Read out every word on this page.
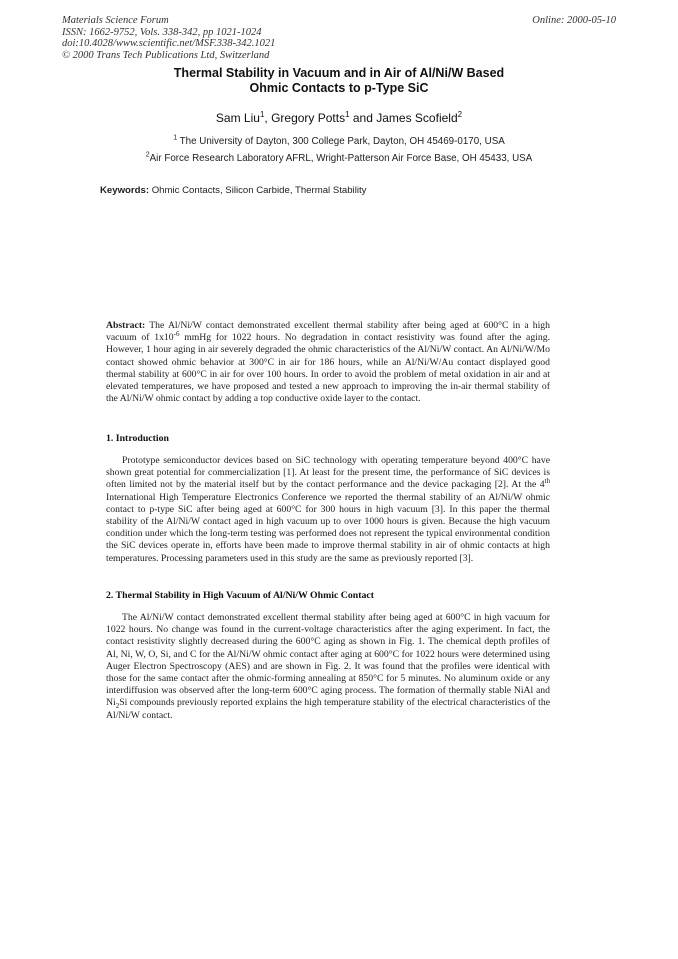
Materials Science Forum
ISSN: 1662-9752, Vols. 338-342, pp 1021-1024
doi:10.4028/www.scientific.net/MSF.338-342.1021
© 2000 Trans Tech Publications Ltd, Switzerland
Online: 2000-05-10
Thermal Stability in Vacuum and in Air of Al/Ni/W Based
Ohmic Contacts to p-Type SiC
Sam Liu$^1$, Gregory Potts$^1$ and James Scofield$^2$
$^1$ The University of Dayton, 300 College Park, Dayton, OH 45469-0170, USA
$^2$Air Force Research Laboratory AFRL, Wright-Patterson Air Force Base, OH 45433, USA
Keywords: Ohmic Contacts, Silicon Carbide, Thermal Stability
Abstract: The Al/Ni/W contact demonstrated excellent thermal stability after being aged at 600°C in a high vacuum of $1x10^{-6}$ mmHg for 1022 hours. No degradation in contact resistivity was found after the aging. However, 1 hour aging in air severely degraded the ohmic characteristics of the Al/Ni/W contact. An Al/Ni/W/Mo contact showed ohmic behavior at 300°C in air for 186 hours, while an Al/Ni/W/Au contact displayed good thermal stability at 600°C in air for over 100 hours. In order to avoid the problem of metal oxidation in air and at elevated temperatures, we have proposed and tested a new approach to improving the in-air thermal stability of the Al/Ni/W ohmic contact by adding a top conductive oxide layer to the contact.
1. Introduction
Prototype semiconductor devices based on SiC technology with operating temperature beyond 400°C have shown great potential for commercialization [1]. At least for the present time, the performance of SiC devices is often limited not by the material itself but by the contact performance and the device packaging [2]. At the 4th International High Temperature Electronics Conference we reported the thermal stability of an Al/Ni/W ohmic contact to p-type SiC after being aged at 600°C for 300 hours in high vacuum [3]. In this paper the thermal stability of the Al/Ni/W contact aged in high vacuum up to over 1000 hours is given. Because the high vacuum condition under which the long-term testing was performed does not represent the typical environmental condition the SiC devices operate in, efforts have been made to improve thermal stability in air of ohmic contacts at high temperatures. Processing parameters used in this study are the same as previously reported [3].
2. Thermal Stability in High Vacuum of Al/Ni/W Ohmic Contact
The Al/Ni/W contact demonstrated excellent thermal stability after being aged at 600°C in high vacuum for 1022 hours. No change was found in the current-voltage characteristics after the aging experiment. In fact, the contact resistivity slightly decreased during the 600°C aging as shown in Fig. 1. The chemical depth profiles of Al, Ni, W, O, Si, and C for the Al/Ni/W ohmic contact after aging at 600°C for 1022 hours were determined using Auger Electron Spectroscopy (AES) and are shown in Fig. 2. It was found that the profiles were identical with those for the same contact after the ohmic-forming annealing at 850°C for 5 minutes. No aluminum oxide or any interdiffusion was observed after the long-term 600°C aging process. The formation of thermally stable NiAl and $Ni_2Si$ compounds previously reported explains the high temperature stability of the electrical characteristics of the Al/Ni/W contact.
